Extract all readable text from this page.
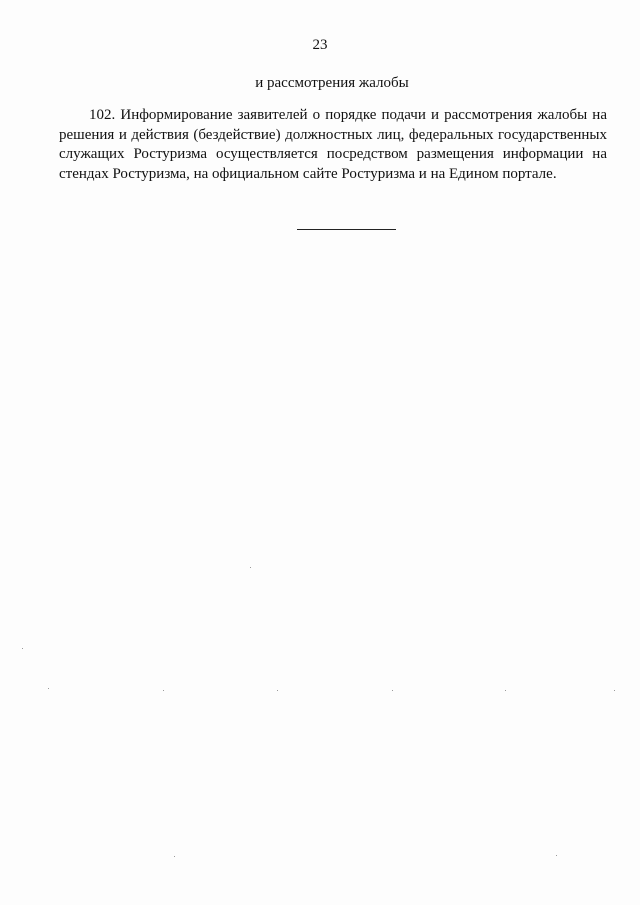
23
и рассмотрения жалобы

102. Информирование заявителей о порядке подачи и рассмотрения жалобы на решения и действия (бездействие) должностных лиц, федеральных государственных служащих Ростуризма осуществляется посредством размещения информации на стендах Ростуризма, на официальном сайте Ростуризма и на Едином портале.
